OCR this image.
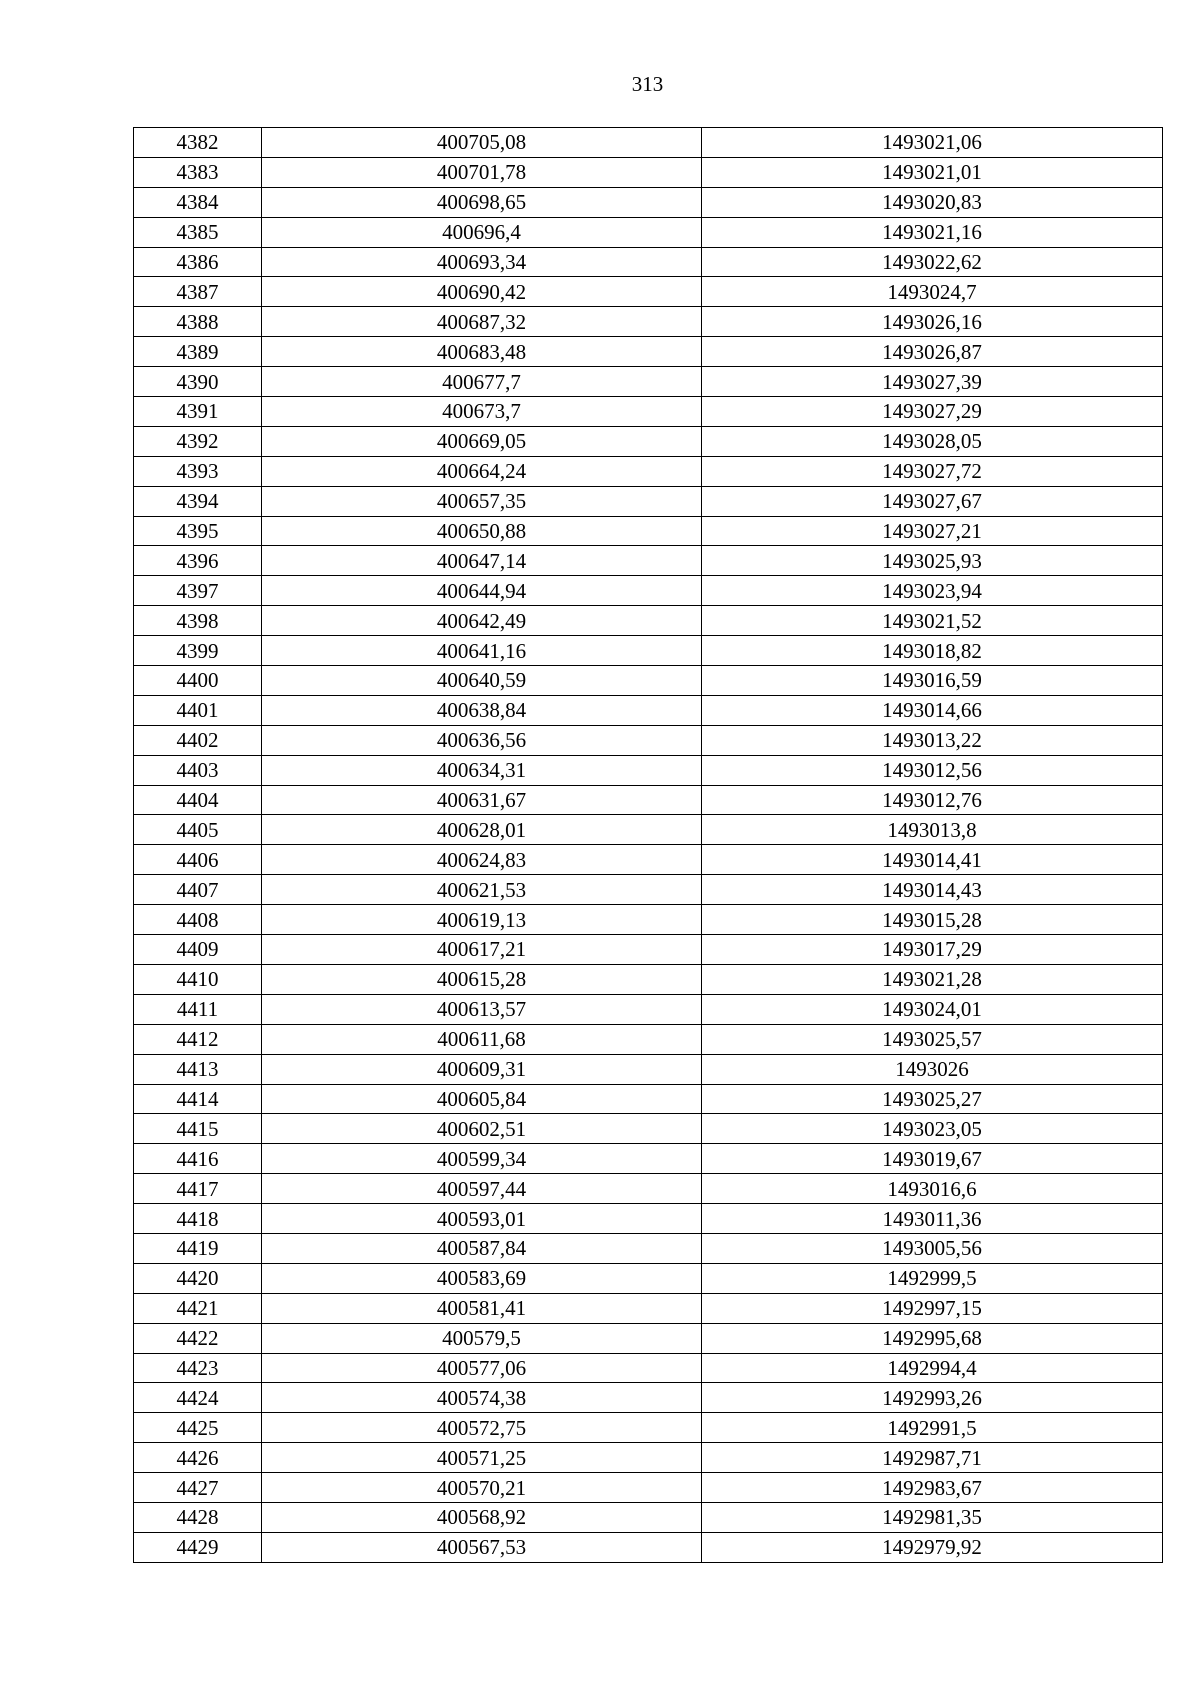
313
4382	400705,08	1493021,06
4383	400701,78	1493021,01
4384	400698,65	1493020,83
4385	400696,4	1493021,16
4386	400693,34	1493022,62
4387	400690,42	1493024,7
4388	400687,32	1493026,16
4389	400683,48	1493026,87
4390	400677,7	1493027,39
4391	400673,7	1493027,29
4392	400669,05	1493028,05
4393	400664,24	1493027,72
4394	400657,35	1493027,67
4395	400650,88	1493027,21
4396	400647,14	1493025,93
4397	400644,94	1493023,94
4398	400642,49	1493021,52
4399	400641,16	1493018,82
4400	400640,59	1493016,59
4401	400638,84	1493014,66
4402	400636,56	1493013,22
4403	400634,31	1493012,56
4404	400631,67	1493012,76
4405	400628,01	1493013,8
4406	400624,83	1493014,41
4407	400621,53	1493014,43
4408	400619,13	1493015,28
4409	400617,21	1493017,29
4410	400615,28	1493021,28
4411	400613,57	1493024,01
4412	400611,68	1493025,57
4413	400609,31	1493026
4414	400605,84	1493025,27
4415	400602,51	1493023,05
4416	400599,34	1493019,67
4417	400597,44	1493016,6
4418	400593,01	1493011,36
4419	400587,84	1493005,56
4420	400583,69	1492999,5
4421	400581,41	1492997,15
4422	400579,5	1492995,68
4423	400577,06	1492994,4
4424	400574,38	1492993,26
4425	400572,75	1492991,5
4426	400571,25	1492987,71
4427	400570,21	1492983,67
4428	400568,92	1492981,35
4429	400567,53	1492979,92
